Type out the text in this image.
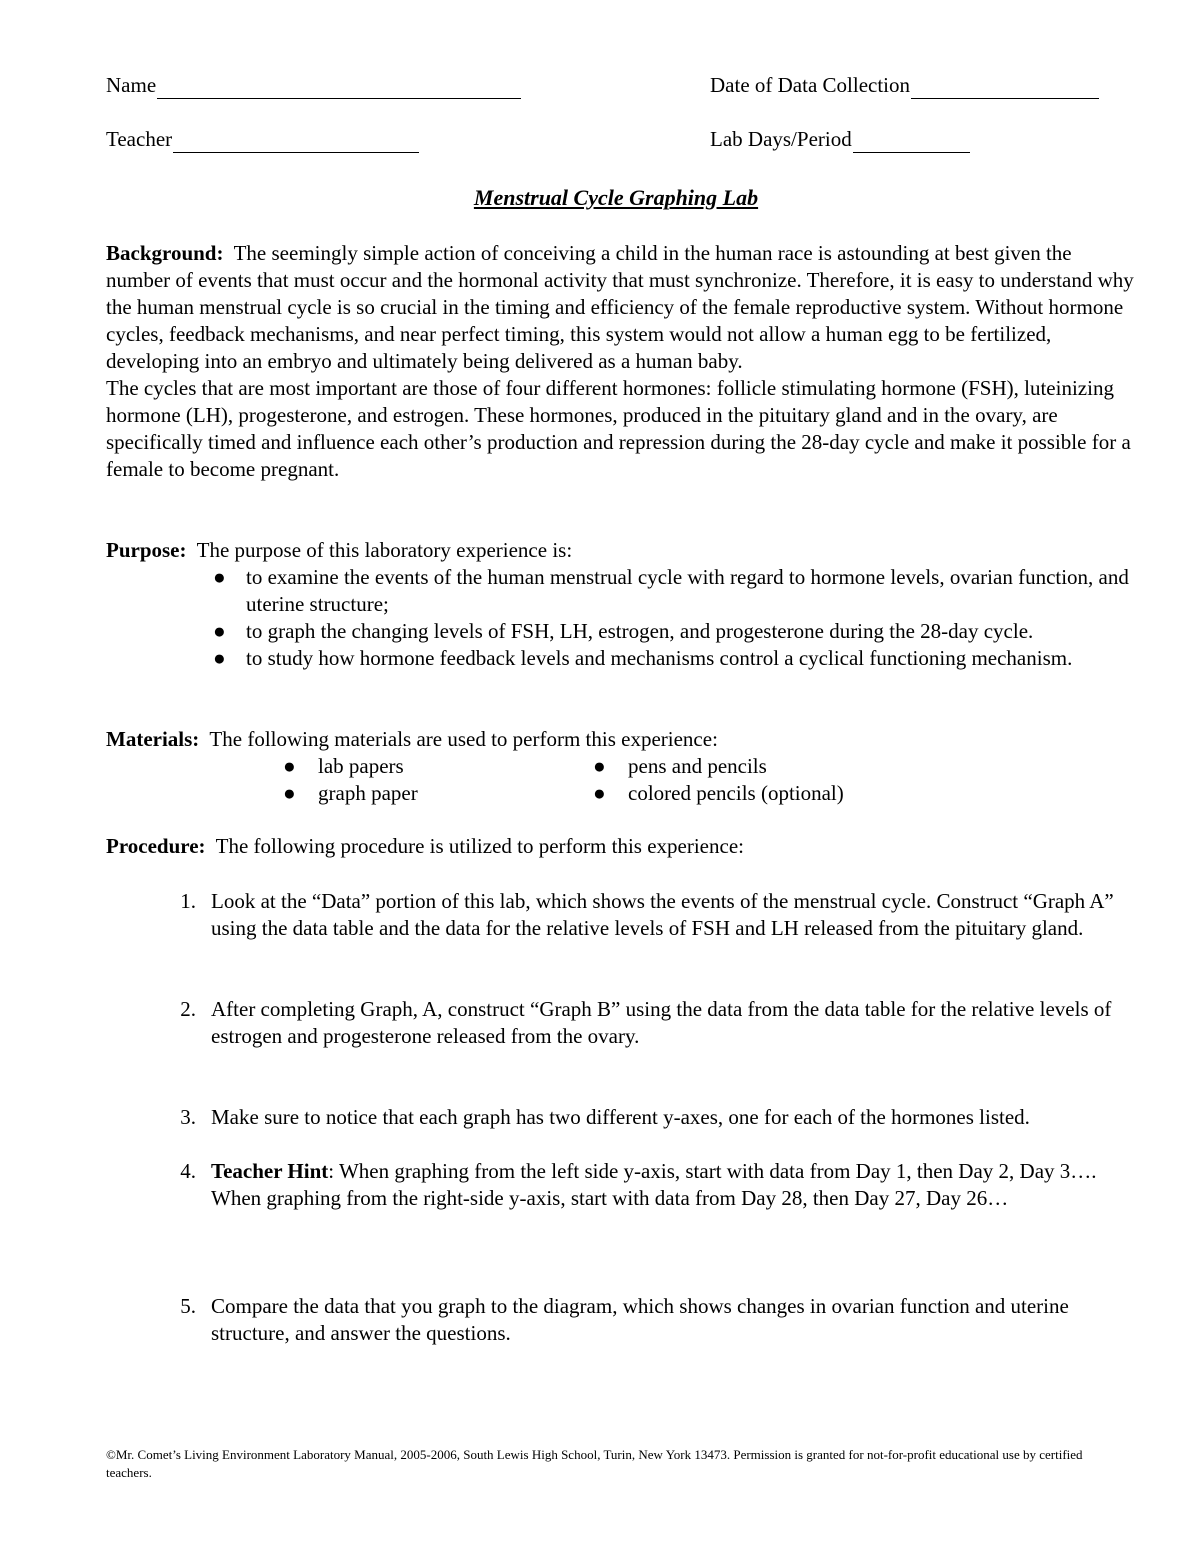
Name	Date of Data Collection
Teacher	Lab Days/Period
Menstrual Cycle Graphing Lab

Background: The seemingly simple action of conceiving a child in the human race is astounding at best given the number of events that must occur and the hormonal activity that must synchronize. Therefore, it is easy to understand why the human menstrual cycle is so crucial in the timing and efficiency of the female reproductive system. Without hormone cycles, feedback mechanisms, and near perfect timing, this system would not allow a human egg to be fertilized, developing into an embryo and ultimately being delivered as a human baby.

The cycles that are most important are those of four different hormones: follicle stimulating hormone (FSH), luteinizing hormone (LH), progesterone, and estrogen. These hormones, produced in the pituitary gland and in the ovary, are specifically timed and influence each other’s production and repression during the 28-day cycle and make it possible for a female to become pregnant.

Purpose: The purpose of this laboratory experience is:

● to examine the events of the human menstrual cycle with regard to hormone levels, ovarian function, and uterine structure;
● to graph the changing levels of FSH, LH, estrogen, and progesterone during the 28-day cycle.
● to study how hormone feedback levels and mechanisms control a cyclical functioning mechanism.

Materials: The following materials are used to perform this experience:

● lab papers	● pens and pencils
● graph paper	● colored pencils (optional)

Procedure: The following procedure is utilized to perform this experience:

1. Look at the “Data” portion of this lab, which shows the events of the menstrual cycle. Construct “Graph A” using the data table and the data for the relative levels of FSH and LH released from the pituitary gland.
2. After completing Graph, A, construct “Graph B” using the data from the data table for the relative levels of estrogen and progesterone released from the ovary.
3. Make sure to notice that each graph has two different y-axes, one for each of the hormones listed.
4. Teacher Hint: When graphing from the left side y-axis, start with data from Day 1, then Day 2, Day 3…. When graphing from the right-side y-axis, start with data from Day 28, then Day 27, Day 26…
5. Compare the data that you graph to the diagram, which shows changes in ovarian function and uterine structure, and answer the questions.
©Mr. Comet’s Living Environment Laboratory Manual, 2005-2006, South Lewis High School, Turin, New York 13473. Permission is granted for not-for-profit educational use by certified teachers.
